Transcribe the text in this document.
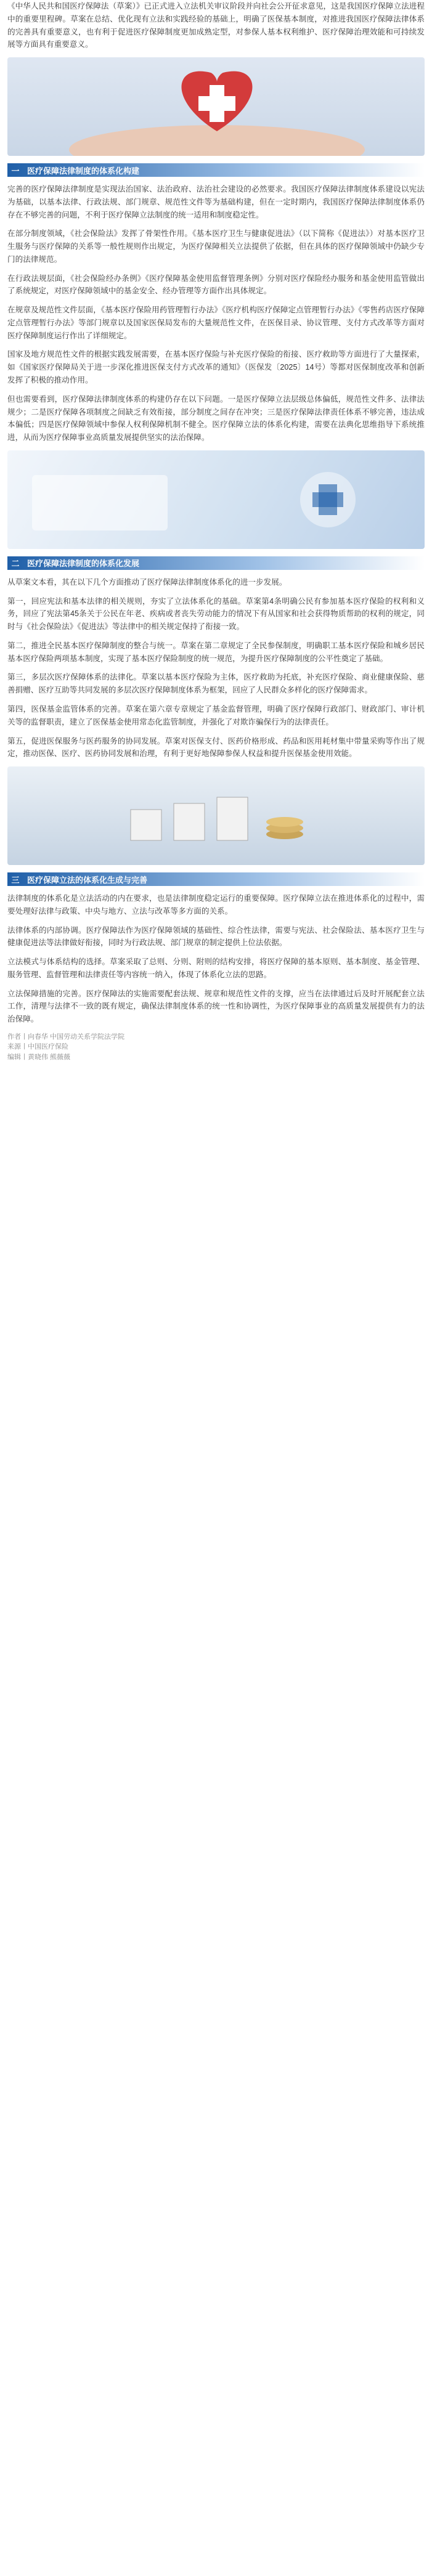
《中华人民共和国医疗保障法（草案）》已正式进入立法机关审议阶段并向社会公开征求意见，这是我国医疗保障立法进程中的重要里程碑。草案在总结、优化现有立法和实践经验的基础上，明确了医保基本制度，对推进我国医疗保障法律体系的完善具有重要意义，也有利于促进医疗保障制度更加成熟定型，对参保人基本权利维护、医疗保障治理效能和可持续发展等方面具有重要意义。

一 医疗保障法律制度的体系化构建

完善的医疗保障法律制度是实现法治国家、法治政府、法治社会建设的必然要求。我国医疗保障法律制度体系建设以宪法为基础，以基本法律、行政法规、部门规章、规范性文件等为基础构建，但在一定时期内，我国医疗保障法律制度体系仍存在不够完善的问题，不利于医疗保障立法制度的统一适用和制度稳定性。

在部分制度领域，《社会保险法》发挥了骨架性作用。《基本医疗卫生与健康促进法》（以下简称《促进法》）对基本医疗卫生服务与医疗保障的关系等一般性规则作出规定，为医疗保障相关立法提供了依据，但在具体的医疗保障领域中仍缺少专门的法律规范。

在行政法规层面，《社会保险经办条例》《医疗保障基金使用监督管理条例》分别对医疗保险经办服务和基金使用监管做出了系统规定，对医疗保障领域中的基金安全、经办管理等方面作出具体规定。

在规章及规范性文件层面，《基本医疗保险用药管理暂行办法》《医疗机构医疗保障定点管理暂行办法》《零售药店医疗保障定点管理暂行办法》等部门规章以及国家医保局发布的大量规范性文件，在医保目录、协议管理、支付方式改革等方面对医疗保障制度运行作出了详细规定。

国家及地方规范性文件的根据实践发展需要，在基本医疗保险与补充医疗保险的衔接、医疗救助等方面进行了大量探索，如《国家医疗保障局关于进一步深化推进医保支付方式改革的通知》（医保发〔2025〕14号）等都对医保制度改革和创新发挥了积极的推动作用。

但也需要看到，医疗保障法律制度体系的构建仍存在以下问题。一是医疗保障立法层级总体偏低，规范性文件多、法律法规少；二是医疗保障各项制度之间缺乏有效衔接，部分制度之间存在冲突；三是医疗保障法律责任体系不够完善，违法成本偏低；四是医疗保障领域中参保人权利保障机制不健全。医疗保障立法的体系化构建，需要在法典化思维指导下系统推进，从而为医疗保障事业高质量发展提供坚实的法治保障。

二 医疗保障法律制度的体系化发展

从草案文本看，其在以下几个方面推动了医疗保障法律制度体系化的进一步发展。

第一，回应宪法和基本法律的相关规则，夯实了立法体系化的基础。草案第4条明确公民有参加基本医疗保险的权利和义务，回应了宪法第45条关于公民在年老、疾病或者丧失劳动能力的情况下有从国家和社会获得物质帮助的权利的规定，同时与《社会保险法》《促进法》等法律中的相关规定保持了衔接一致。

第二，推进全民基本医疗保障制度的整合与统一。草案在第二章规定了全民参保制度，明确职工基本医疗保险和城乡居民基本医疗保险两项基本制度，实现了基本医疗保险制度的统一规范，为提升医疗保障制度的公平性奠定了基础。

第三，多层次医疗保障体系的法律化。草案以基本医疗保险为主体，医疗救助为托底，补充医疗保险、商业健康保险、慈善捐赠、医疗互助等共同发展的多层次医疗保障制度体系为框架，回应了人民群众多样化的医疗保障需求。

第四，医保基金监管体系的完善。草案在第六章专章规定了基金监督管理，明确了医疗保障行政部门、财政部门、审计机关等的监督职责，建立了医保基金使用常态化监管制度，并强化了对欺诈骗保行为的法律责任。

第五，促进医保服务与医药服务的协同发展。草案对医保支付、医药价格形成、药品和医用耗材集中带量采购等作出了规定，推动医保、医疗、医药协同发展和治理，有利于更好地保障参保人权益和提升医保基金使用效能。

三 医疗保障立法的体系化生成与完善

法律制度的体系化是立法活动的内在要求，也是法律制度稳定运行的重要保障。医疗保障立法在推进体系化的过程中，需要处理好法律与政策、中央与地方、立法与改革等多方面的关系。

法律体系的内部协调。医疗保障法作为医疗保障领域的基础性、综合性法律，需要与宪法、社会保险法、基本医疗卫生与健康促进法等法律做好衔接，同时为行政法规、部门规章的制定提供上位法依据。

立法模式与体系结构的选择。草案采取了总则、分则、附则的结构安排，将医疗保障的基本原则、基本制度、基金管理、服务管理、监督管理和法律责任等内容统一纳入，体现了体系化立法的思路。

立法保障措施的完善。医疗保障法的实施需要配套法规、规章和规范性文件的支撑，应当在法律通过后及时开展配套立法工作，清理与法律不一致的既有规定，确保法律制度体系的统一性和协调性，为医疗保障事业的高质量发展提供有力的法治保障。

作者丨向春华 中国劳动关系学院法学院
来源丨中国医疗保险
编辑丨黄晓伟 熊薇薇
